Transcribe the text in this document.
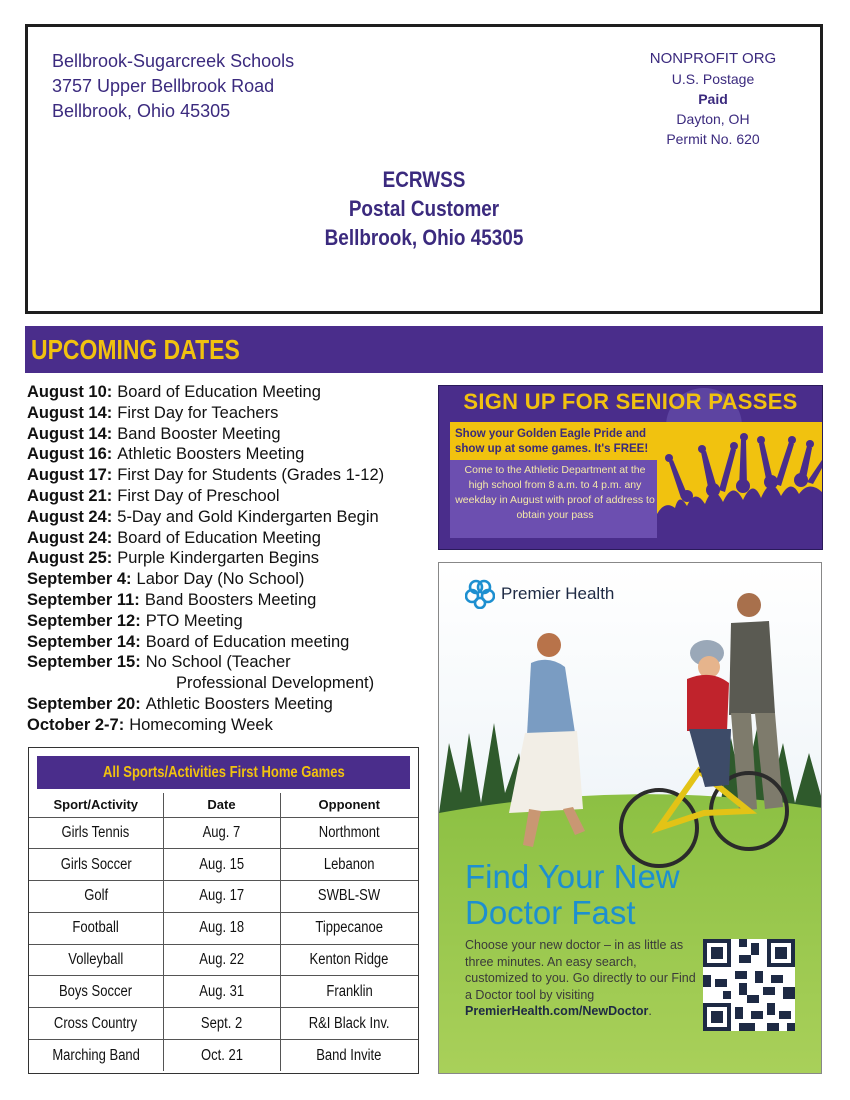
Bellbrook-Sugarcreek Schools
3757 Upper Bellbrook Road
Bellbrook, Ohio 45305
NONPROFIT ORG
U.S. Postage
Paid
Dayton, OH
Permit No. 620
ECRWSS
Postal Customer
Bellbrook, Ohio 45305
UPCOMING DATES
August 10: Board of Education Meeting
August 14: First Day for Teachers
August 14: Band Booster Meeting
August 16: Athletic Boosters Meeting
August 17: First Day for Students (Grades 1-12)
August 21: First Day of Preschool
August 24: 5-Day and Gold Kindergarten Begin
August 24: Board of Education Meeting
August 25: Purple Kindergarten Begins
September 4: Labor Day (No School)
September 11: Band Boosters Meeting
September 12: PTO Meeting
September 14: Board of Education meeting
September 15: No School (Teacher
Professional Development)
September 20: Athletic Boosters Meeting
October 2-7: Homecoming Week
SIGN UP FOR SENIOR PASSES
Show your Golden Eagle Pride and show up at some games. It's FREE!
Come to the Athletic Department at the high school from 8 a.m. to 4 p.m. any weekday in August with proof of address to obtain your pass
All Sports/Activities First Home Games
Sport/Activity	Date	Opponent
Girls Tennis	Aug. 7	Northmont
Girls Soccer	Aug. 15	Lebanon
Golf	Aug. 17	SWBL-SW
Football	Aug. 18	Tippecanoe
Volleyball	Aug. 22	Kenton Ridge
Boys Soccer	Aug. 31	Franklin
Cross Country	Sept. 2	R&I Black Inv.
Marching Band	Oct. 21	Band Invite
Premier Health
Find Your New
Doctor Fast
Choose your new doctor – in as little as three minutes. An easy search, customized to you. Go directly to our Find a Doctor tool by visiting PremierHealth.com/NewDoctor.
